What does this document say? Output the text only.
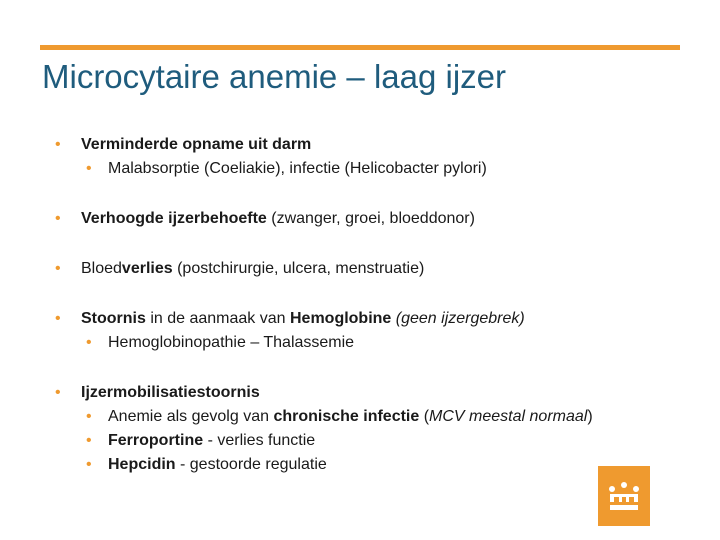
Microcytaire anemie – laag ijzer
• Verminderde opname uit darm
• Malabsorptie (Coeliakie), infectie (Helicobacter pylori)
• Verhoogde ijzerbehoefte (zwanger, groei, bloeddonor)
• Bloedverlies (postchirurgie, ulcera, menstruatie)
• Stoornis in de aanmaak van Hemoglobine (geen ijzergebrek)
• Hemoglobinopathie – Thalassemie
• Ijzermobilisatiestoornis
• Anemie als gevolg van chronische infectie (MCV meestal normaal)
• Ferroportine - verlies functie
• Hepcidin - gestoorde regulatie
